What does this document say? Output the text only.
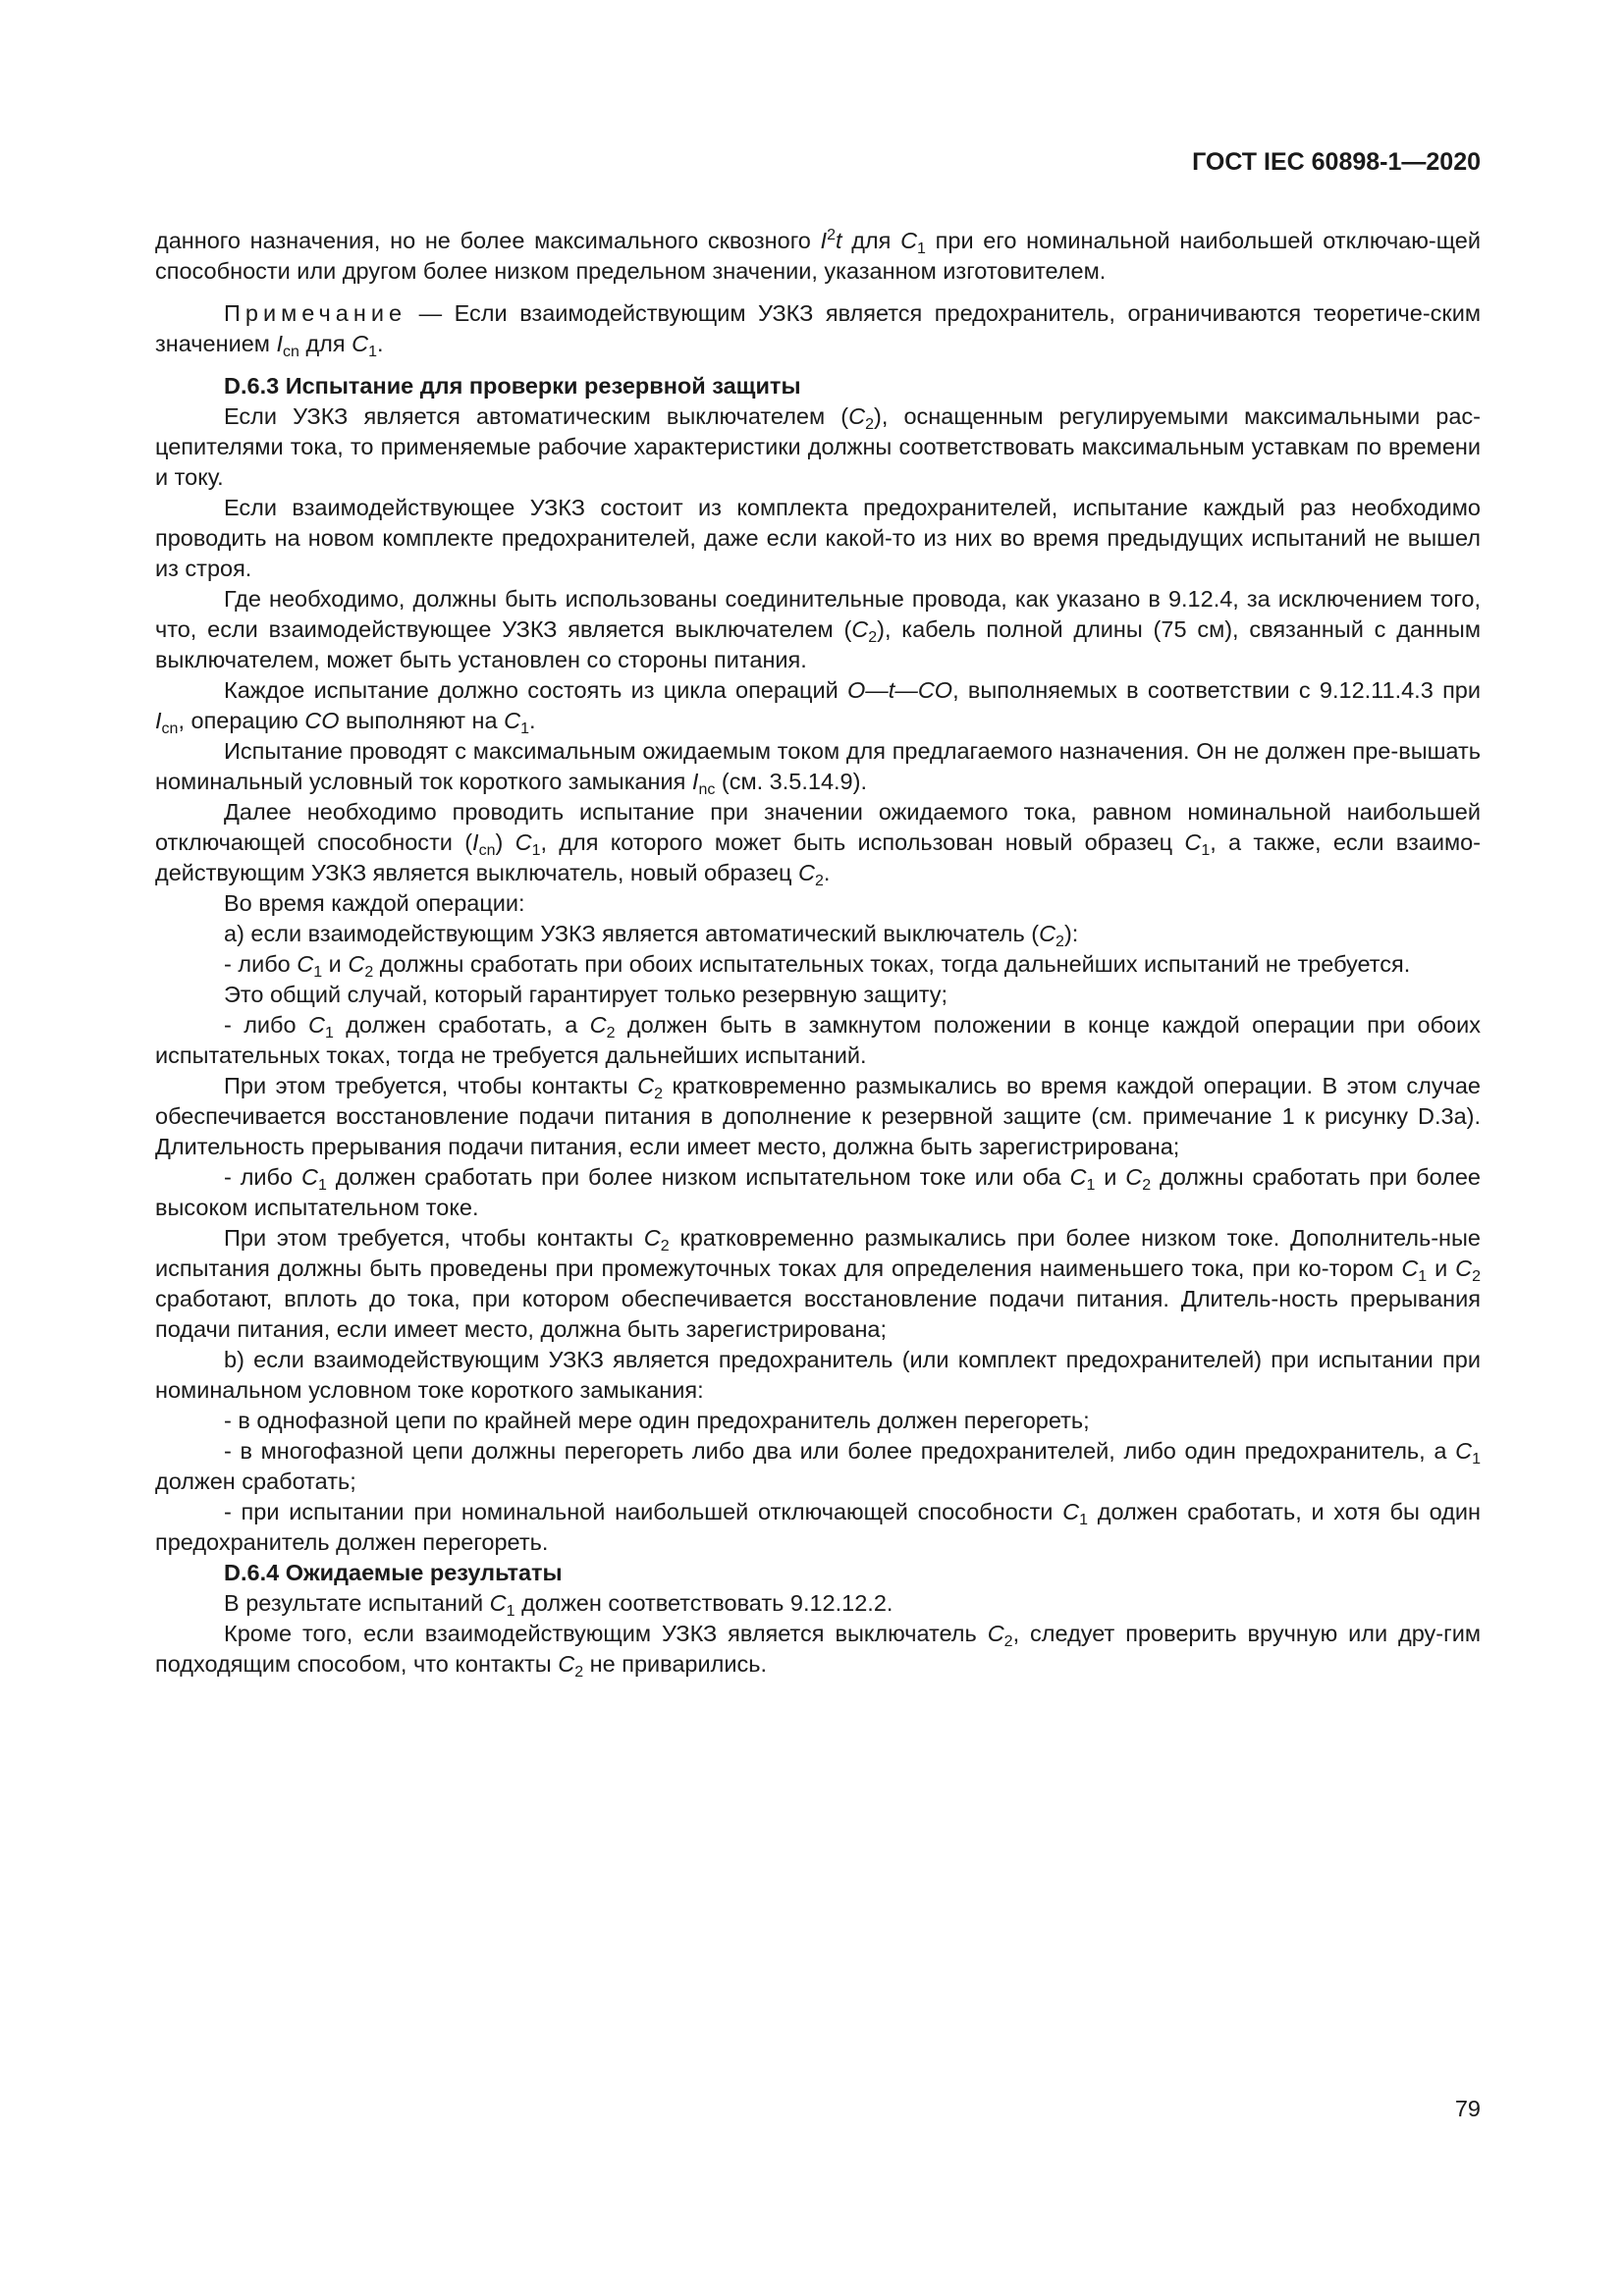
ГОСТ IEC 60898-1—2020

данного назначения, но не более максимального сквозного $I^2t$ для $C_1$ при его номинальной наибольшей отключаю-щей способности или другом более низком предельном значении, указанном изготовителем.

Примечание — Если взаимодействующим УЗКЗ является предохранитель, ограничиваются теоретиче-ским значением $I_{cn}$ для $C_1$.

D.6.3 Испытание для проверки резервной защиты

Если УЗКЗ является автоматическим выключателем $(C_2)$, оснащенным регулируемыми максимальными рас-цепителями тока, то применяемые рабочие характеристики должны соответствовать максимальным уставкам по времени и току.

Если взаимодействующее УЗКЗ состоит из комплекта предохранителей, испытание каждый раз необходимо проводить на новом комплекте предохранителей, даже если какой-то из них во время предыдущих испытаний не вышел из строя.

Где необходимо, должны быть использованы соединительные провода, как указано в 9.12.4, за исключением того, что, если взаимодействующее УЗКЗ является выключателем $(C_2)$, кабель полной длины (75 см), связанный с данным выключателем, может быть установлен со стороны питания.

Каждое испытание должно состоять из цикла операций O—t—CO, выполняемых в соответствии с 9.12.11.4.3 при $I_{cn}$, операцию CO выполняют на $C_1$.

Испытание проводят с максимальным ожидаемым током для предлагаемого назначения. Он не должен пре-вышать номинальный условный ток короткого замыкания $I_{nc}$ (см. 3.5.14.9).

Далее необходимо проводить испытание при значении ожидаемого тока, равном номинальной наибольшей отключающей способности $(I_{cn})$ $C_1$, для которого может быть использован новый образец $C_1$, а также, если взаимо-действующим УЗКЗ является выключатель, новый образец $C_2$.

Во время каждой операции:

а) если взаимодействующим УЗКЗ является автоматический выключатель $(C_2)$:

- либо $C_1$ и $C_2$ должны сработать при обоих испытательных токах, тогда дальнейших испытаний не требуется.

Это общий случай, который гарантирует только резервную защиту;

- либо $C_1$ должен сработать, а $C_2$ должен быть в замкнутом положении в конце каждой операции при обоих испытательных токах, тогда не требуется дальнейших испытаний.

При этом требуется, чтобы контакты $C_2$ кратковременно размыкались во время каждой операции. В этом случае обеспечивается восстановление подачи питания в дополнение к резервной защите (см. примечание 1 к рисунку D.3а). Длительность прерывания подачи питания, если имеет место, должна быть зарегистрирована;

- либо $C_1$ должен сработать при более низком испытательном токе или оба $C_1$ и $C_2$ должны сработать при более высоком испытательном токе.

При этом требуется, чтобы контакты $C_2$ кратковременно размыкались при более низком токе. Дополнитель-ные испытания должны быть проведены при промежуточных токах для определения наименьшего тока, при ко-тором $C_1$ и $C_2$ сработают, вплоть до тока, при котором обеспечивается восстановление подачи питания. Длитель-ность прерывания подачи питания, если имеет место, должна быть зарегистрирована;

b) если взаимодействующим УЗКЗ является предохранитель (или комплект предохранителей) при испытании при номинальном условном токе короткого замыкания:

- в однофазной цепи по крайней мере один предохранитель должен перегореть;

- в многофазной цепи должны перегореть либо два или более предохранителей, либо один предохранитель, а $C_1$ должен сработать;

- при испытании при номинальной наибольшей отключающей способности $C_1$ должен сработать, и хотя бы один предохранитель должен перегореть.

D.6.4 Ожидаемые результаты

В результате испытаний $C_1$ должен соответствовать 9.12.12.2.

Кроме того, если взаимодействующим УЗКЗ является выключатель $C_2$, следует проверить вручную или дру-гим подходящим способом, что контакты $C_2$ не приварились.

79
